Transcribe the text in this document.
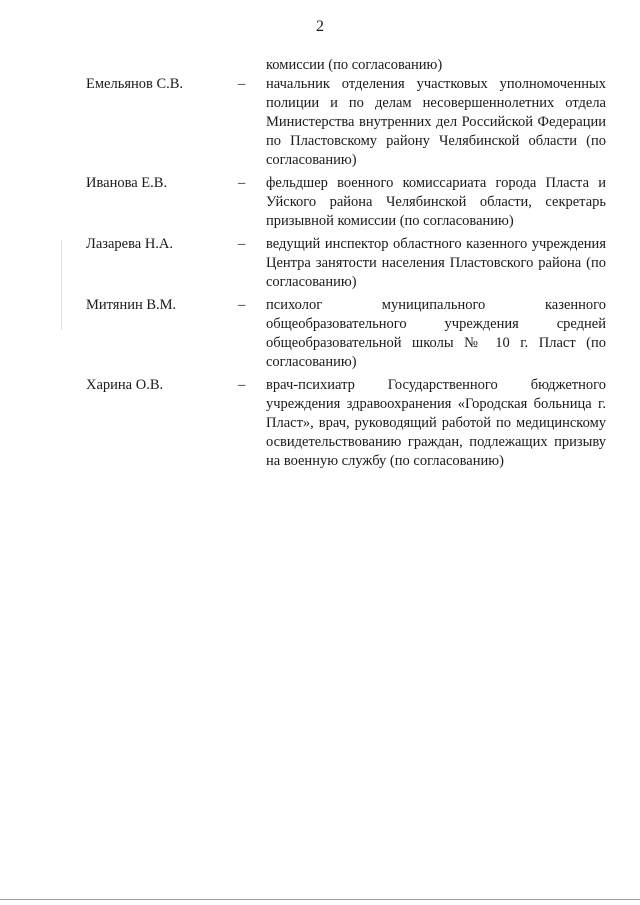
2
комиссии (по согласованию)
Емельянов С.В.	– начальник отделения участковых уполномоченных полиции и по делам несовершеннолетних отдела Министерства внутренних дел Российской Федерации по Пластовскому району Челябинской области (по согласованию)
Иванова Е.В.	– фельдшер военного комиссариата города Пласта и Уйского района Челябинской области, секретарь призывной комиссии (по согласованию)
Лазарева Н.А.	– ведущий инспектор областного казенного учреждения Центра занятости населения Пластовского района (по согласованию)
Митянин В.М.	– психолог муниципального казенного общеобразовательного учреждения средней общеобразовательной школы № 10 г. Пласт (по согласованию)
Харина О.В.	– врач-психиатр Государственного бюджетного учреждения здравоохранения «Городская больница г. Пласт», врач, руководящий работой по медицинскому освидетельствованию граждан, подлежащих призыву на военную службу (по согласованию)
